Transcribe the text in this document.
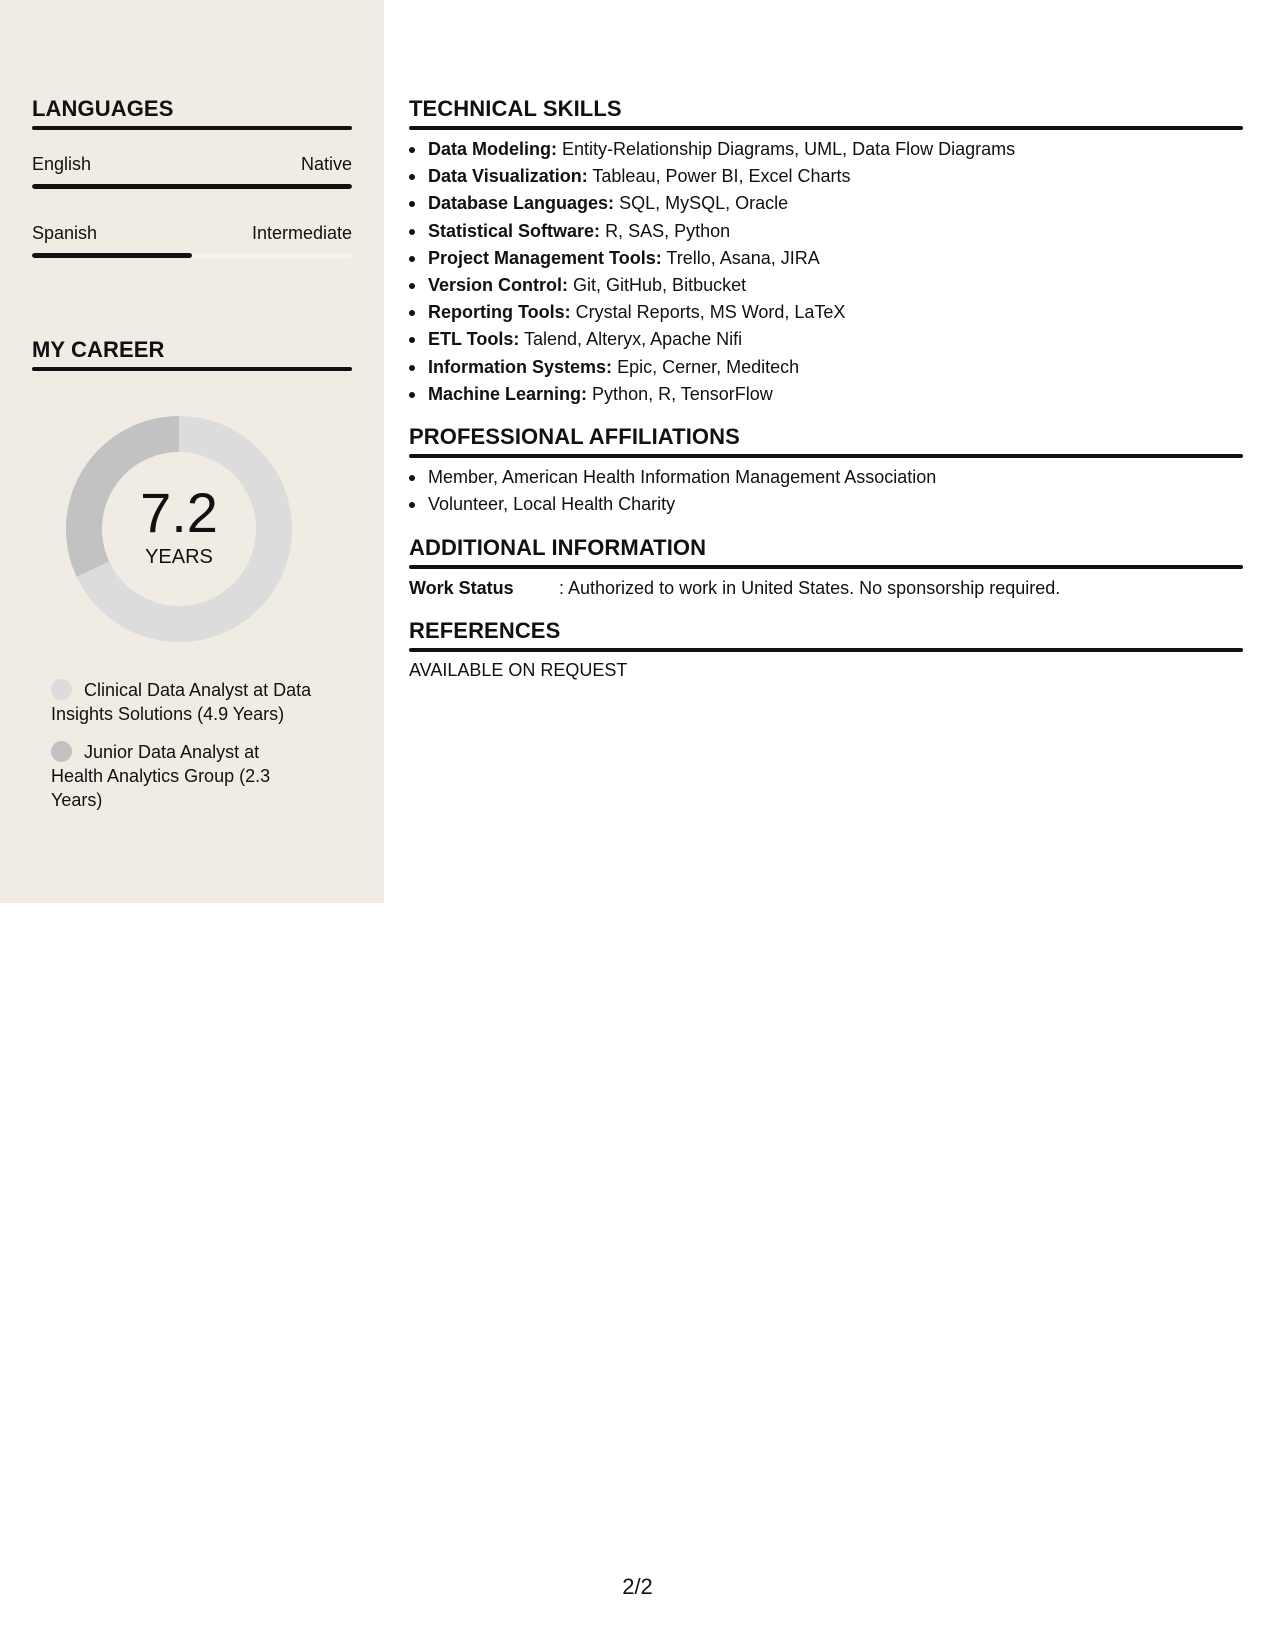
LANGUAGES
English	Native
Spanish	Intermediate
MY CAREER
7.2
YEARS
Clinical Data Analyst at Data Insights Solutions (4.9 Years)
Junior Data Analyst at Health Analytics Group (2.3 Years)
TECHNICAL SKILLS
Data Modeling: Entity-Relationship Diagrams, UML, Data Flow Diagrams
Data Visualization: Tableau, Power BI, Excel Charts
Database Languages: SQL, MySQL, Oracle
Statistical Software: R, SAS, Python
Project Management Tools: Trello, Asana, JIRA
Version Control: Git, GitHub, Bitbucket
Reporting Tools: Crystal Reports, MS Word, LaTeX
ETL Tools: Talend, Alteryx, Apache Nifi
Information Systems: Epic, Cerner, Meditech
Machine Learning: Python, R, TensorFlow
PROFESSIONAL AFFILIATIONS
Member, American Health Information Management Association
Volunteer, Local Health Charity
ADDITIONAL INFORMATION
Work Status	: Authorized to work in United States. No sponsorship required.
REFERENCES
AVAILABLE ON REQUEST
2/2
